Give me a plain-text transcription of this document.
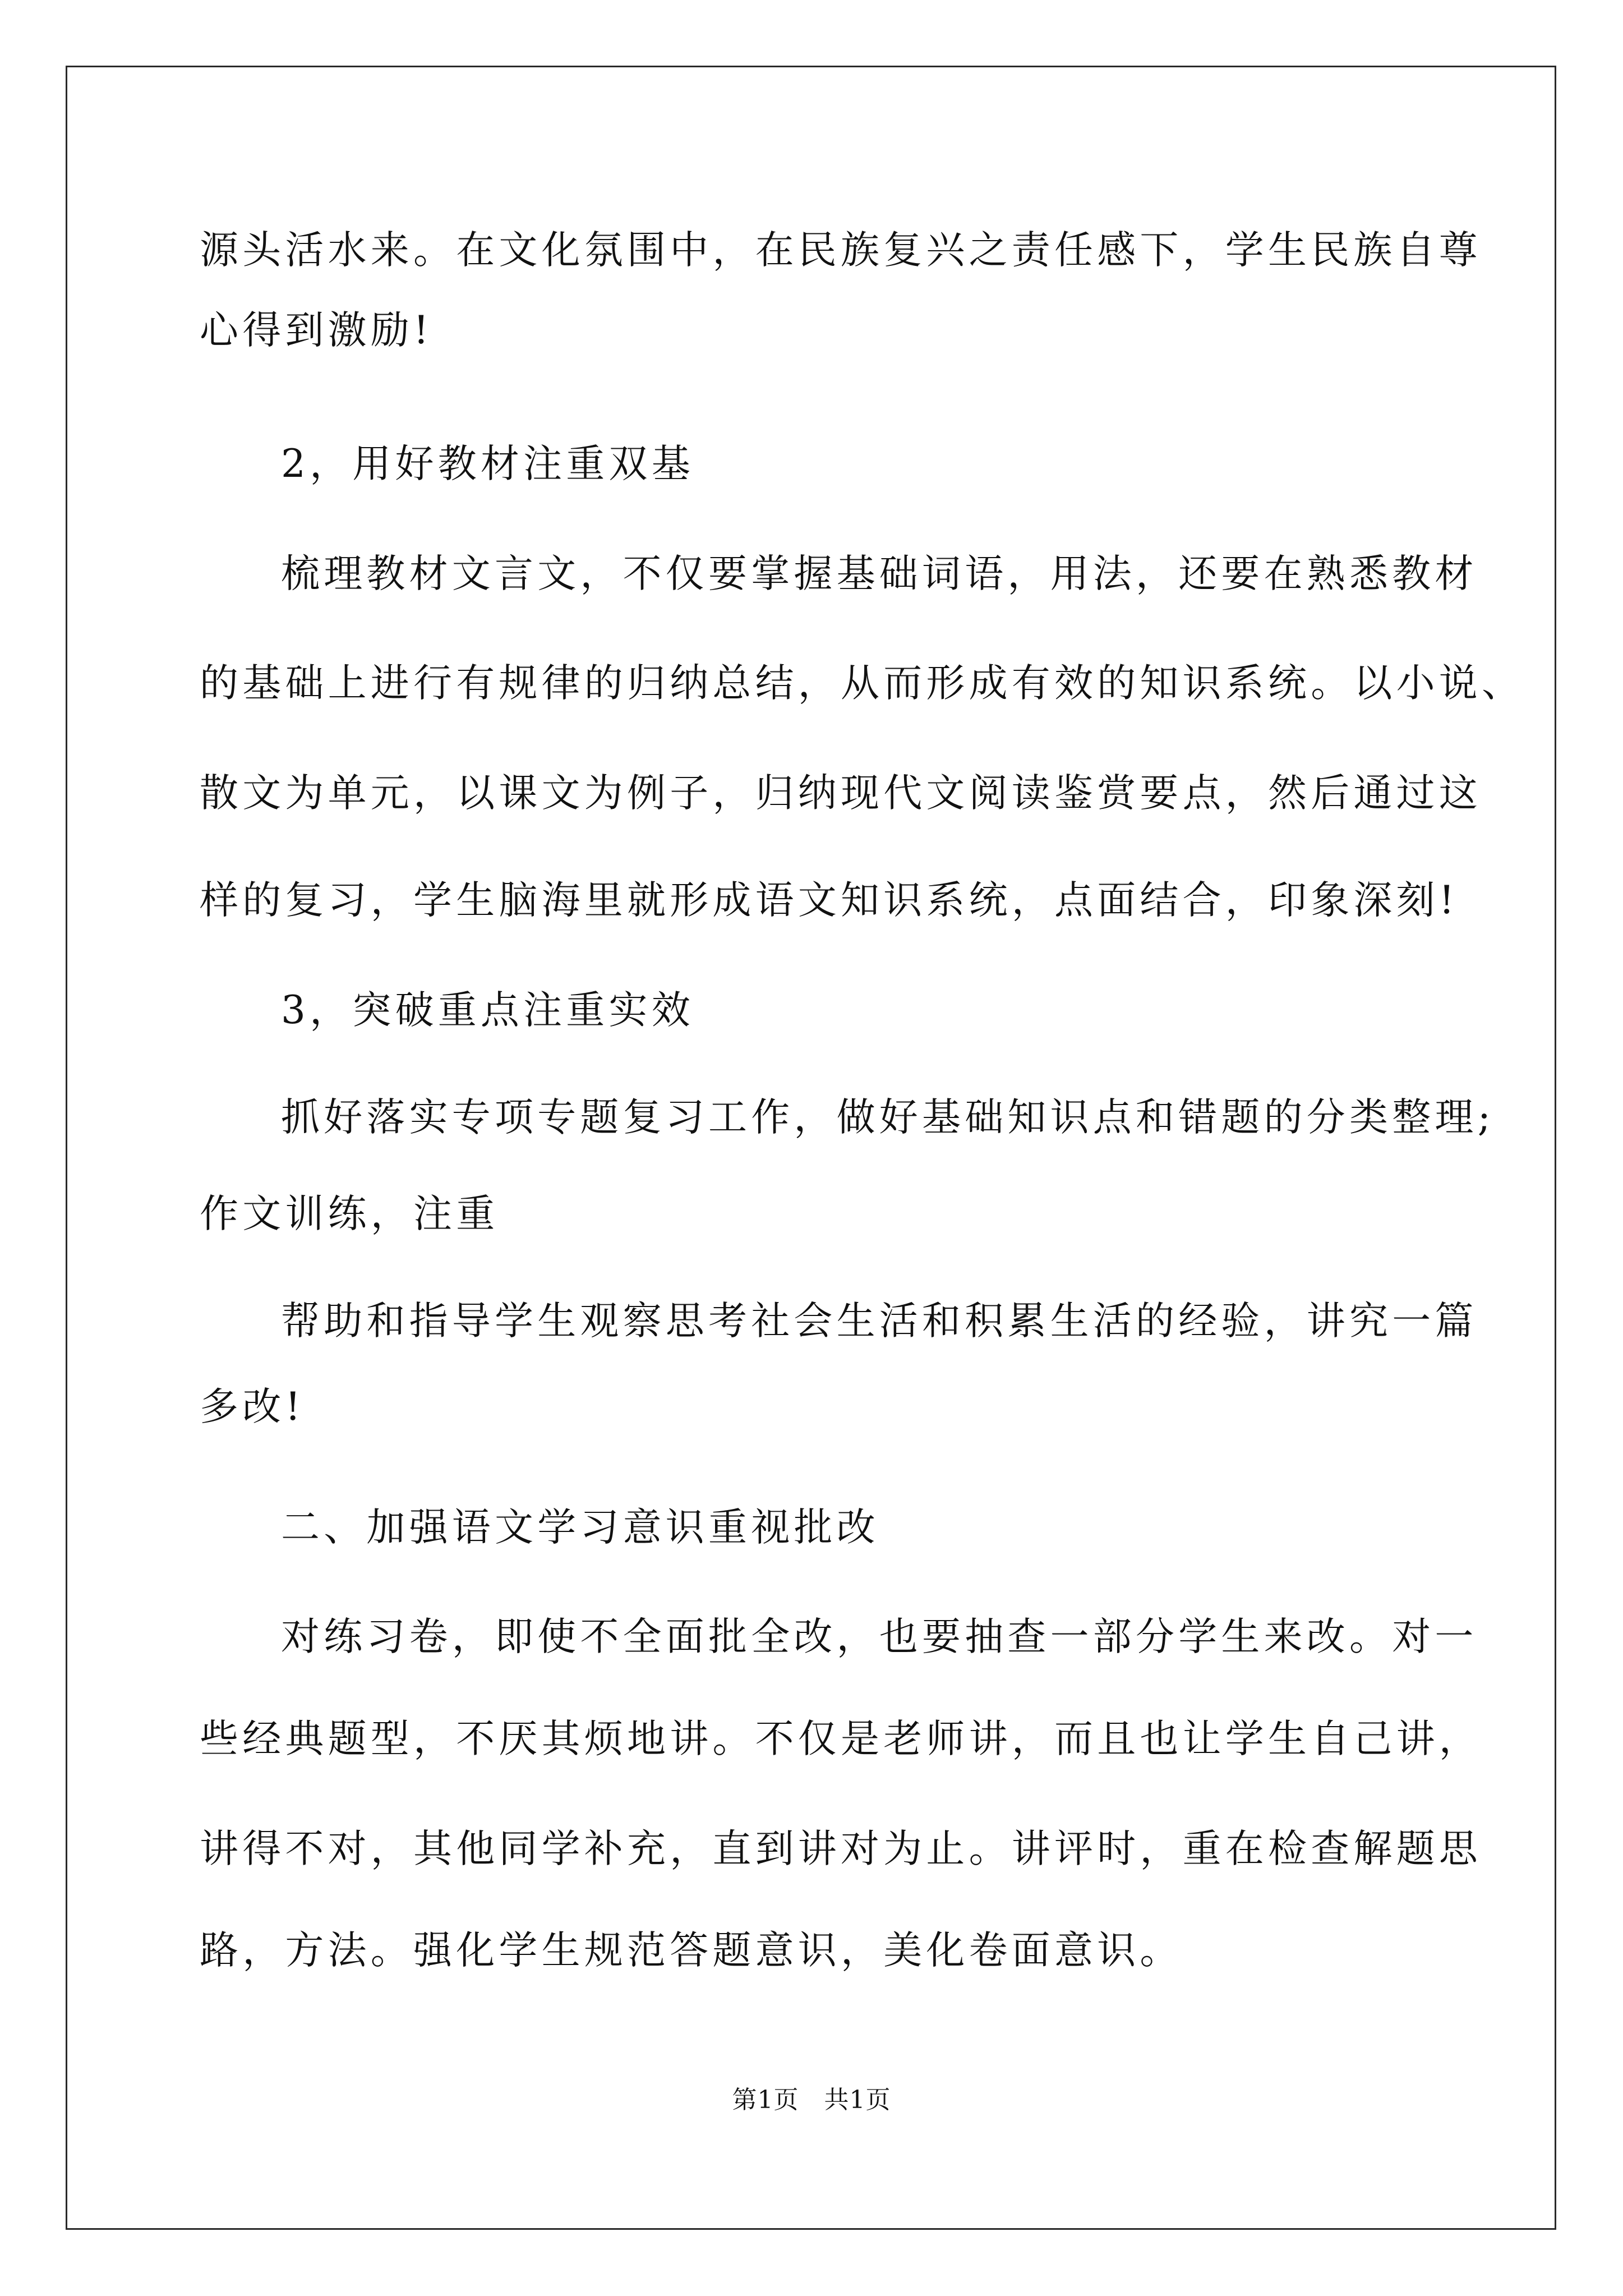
源头活水来。在文化氛围中，在民族复兴之责任感下，学生民族自尊

心得到激励!

2，用好教材注重双基

梳理教材文言文，不仅要掌握基础词语，用法，还要在熟悉教材

的基础上进行有规律的归纳总结，从而形成有效的知识系统。以小说、

散文为单元，以课文为例子，归纳现代文阅读鉴赏要点，然后通过这

样的复习，学生脑海里就形成语文知识系统，点面结合，印象深刻!

3，突破重点注重实效

抓好落实专项专题复习工作，做好基础知识点和错题的分类整理;

作文训练，注重

帮助和指导学生观察思考社会生活和积累生活的经验，讲究一篇

多改!

二、加强语文学习意识重视批改

对练习卷，即使不全面批全改，也要抽查一部分学生来改。对一

些经典题型，不厌其烦地讲。不仅是老师讲，而且也让学生自己讲，

讲得不对，其他同学补充，直到讲对为止。讲评时，重在检查解题思

路，方法。强化学生规范答题意识，美化卷面意识。

第1页　共1页
